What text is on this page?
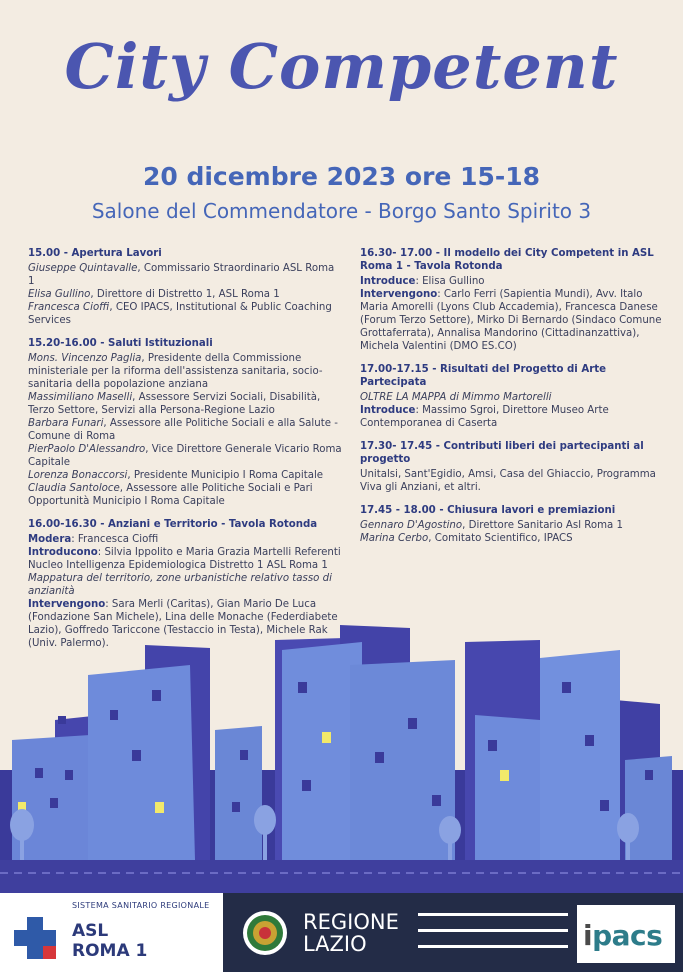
City Competent
20 dicembre 2023 ore 15-18
Salone del Commendatore - Borgo Santo Spirito 3
15.00 - Apertura Lavori
Giuseppe Quintavalle, Commissario Straordinario ASL Roma 1
Elisa Gullino, Direttore di Distretto 1, ASL Roma 1
Francesca Cioffi, CEO IPACS, Institutional & Public Coaching Services
15.20-16.00 - Saluti Istituzionali
Mons. Vincenzo Paglia, Presidente della Commissione ministeriale per la riforma dell'assistenza sanitaria, socio-sanitaria della popolazione anziana
Massimiliano Maselli, Assessore Servizi Sociali, Disabilità, Terzo Settore, Servizi alla Persona-Regione Lazio
Barbara Funari, Assessore alle Politiche Sociali e alla Salute - Comune di Roma
PierPaolo D'Alessandro, Vice Direttore Generale Vicario Roma Capitale
Lorenza Bonaccorsi, Presidente Municipio I Roma Capitale
Claudia Santoloce, Assessore alle Politiche Sociali e Pari Opportunità Municipio I Roma Capitale
16.00-16.30 - Anziani e Territorio - Tavola Rotonda
Modera: Francesca Cioffi
Introducono: Silvia Ippolito e Maria Grazia Martelli Referenti Nucleo Intelligenza Epidemiologica Distretto 1 ASL Roma 1
Mappatura del territorio, zone urbanistiche relativo tasso di anzianità
Intervengono: Sara Merli (Caritas), Gian Mario De Luca (Fondazione San Michele), Lina delle Monache (Federdiabete Lazio), Goffredo Tariccone (Testaccio in Testa), Michele Rak (Univ. Palermo).
16.30- 17.00 - Il modello dei City Competent in ASL Roma 1 - Tavola Rotonda
Introduce: Elisa Gullino
Intervengono: Carlo Ferri (Sapientia Mundi), Avv. Italo Maria Amorelli (Lyons Club Accademia), Francesca Danese (Forum Terzo Settore), Mirko Di Bernardo (Sindaco Comune Grottaferrata), Annalisa Mandorino (Cittadinanzattiva), Michela Valentini (DMO ES.CO)
17.00-17.15 - Risultati del Progetto di Arte Partecipata
OLTRE LA MAPPA di Mimmo Martorelli
Introduce: Massimo Sgroi, Direttore Museo Arte Contemporanea di Caserta
17.30- 17.45 - Contributi liberi dei partecipanti al progetto
Unitalsi, Sant'Egidio, Amsi, Casa del Ghiaccio, Programma Viva gli Anziani, et altri.
17.45 - 18.00 - Chiusura lavori e premiazioni
Gennaro D'Agostino, Direttore Sanitario Asl Roma 1
Marina Cerbo, Comitato Scientifico, IPACS
SISTEMA SANITARIO REGIONALE
ASL
ROMA 1
REGIONE
LAZIO	ipacs
